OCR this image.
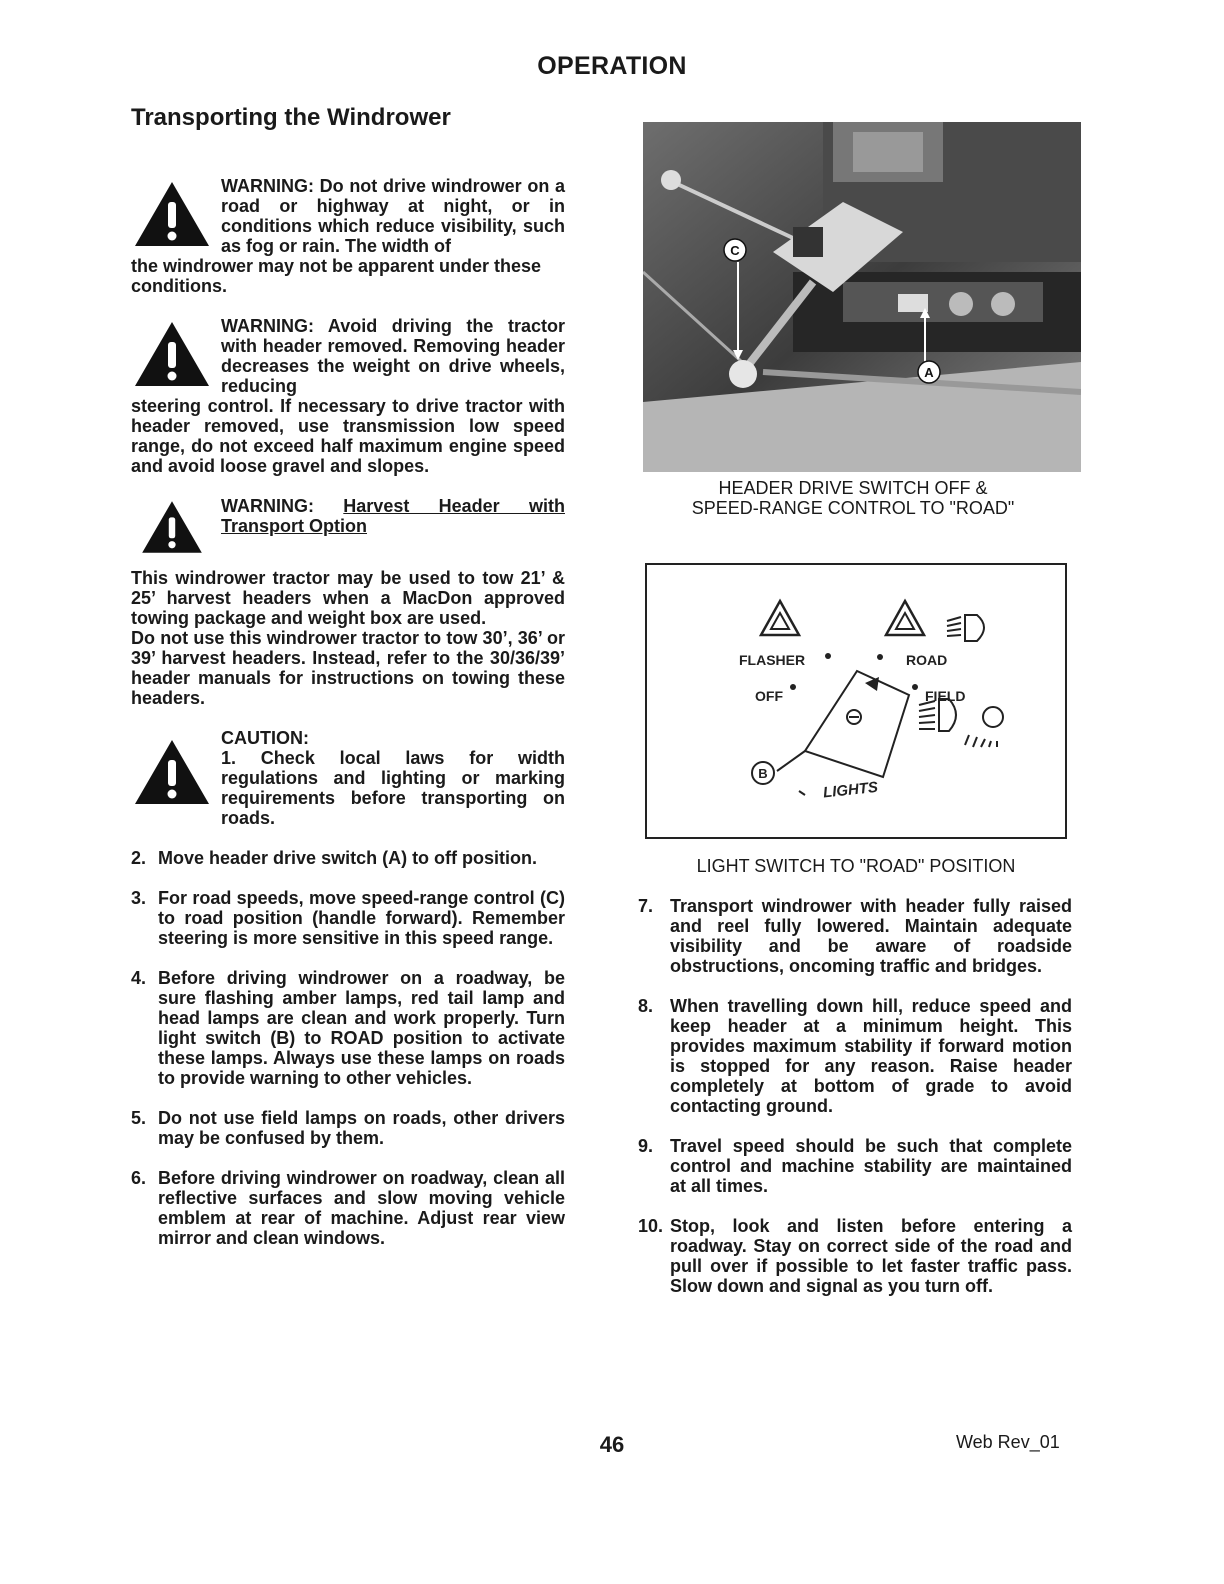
OPERATION
Transporting the Windrower
WARNING: Do not drive windrower on a road or highway at night, or in conditions which reduce visibility, such as fog or rain. The width of
the windrower may not be apparent under these conditions.
WARNING: Avoid driving the tractor with header removed. Removing header decreases the weight on drive wheels, reducing
steering control. If necessary to drive tractor with header removed, use transmission low speed range, do not exceed half maximum engine speed and avoid loose gravel and slopes.
WARNING: Harvest Header with Transport Option

This windrower tractor may be used to tow 21’ & 25’ harvest headers when a MacDon approved towing package and weight box are used.

Do not use this windrower tractor to tow 30’, 36’ or 39’ harvest headers. Instead, refer to the 30/36/39’ header manuals for instructions on towing these headers.

CAUTION:
1. Check local laws for width regulations and lighting or marking requirements before transporting on roads.
2. Move header drive switch (A) to off position.
3. For road speeds, move speed-range control (C) to road position (handle forward). Remember steering is more sensitive in this speed range.
4. Before driving windrower on a roadway, be sure flashing amber lamps, red tail lamp and head lamps are clean and work properly. Turn light switch (B) to ROAD position to activate these lamps. Always use these lamps on roads to provide warning to other vehicles.
5. Do not use field lamps on roads, other drivers may be confused by them.
6. Before driving windrower on roadway, clean all reflective surfaces and slow moving vehicle emblem at rear of machine. Adjust rear view mirror and clean windows.
C
A
HEADER DRIVE SWITCH OFF &
SPEED-RANGE CONTROL TO "ROAD"
FLASHER	ROAD
OFF	FIELD
B
LIGHTS
LIGHT SWITCH TO "ROAD" POSITION
7. Transport windrower with header fully raised and reel fully lowered. Maintain adequate visibility and be aware of roadside obstructions, oncoming traffic and bridges.
8. When travelling down hill, reduce speed and keep header at a minimum height. This provides maximum stability if forward motion is stopped for any reason. Raise header completely at bottom of grade to avoid contacting ground.
9. Travel speed should be such that complete control and machine stability are maintained at all times.
10. Stop, look and listen before entering a roadway. Stay on correct side of the road and pull over if possible to let faster traffic pass. Slow down and signal as you turn off.
46	Web Rev_01
